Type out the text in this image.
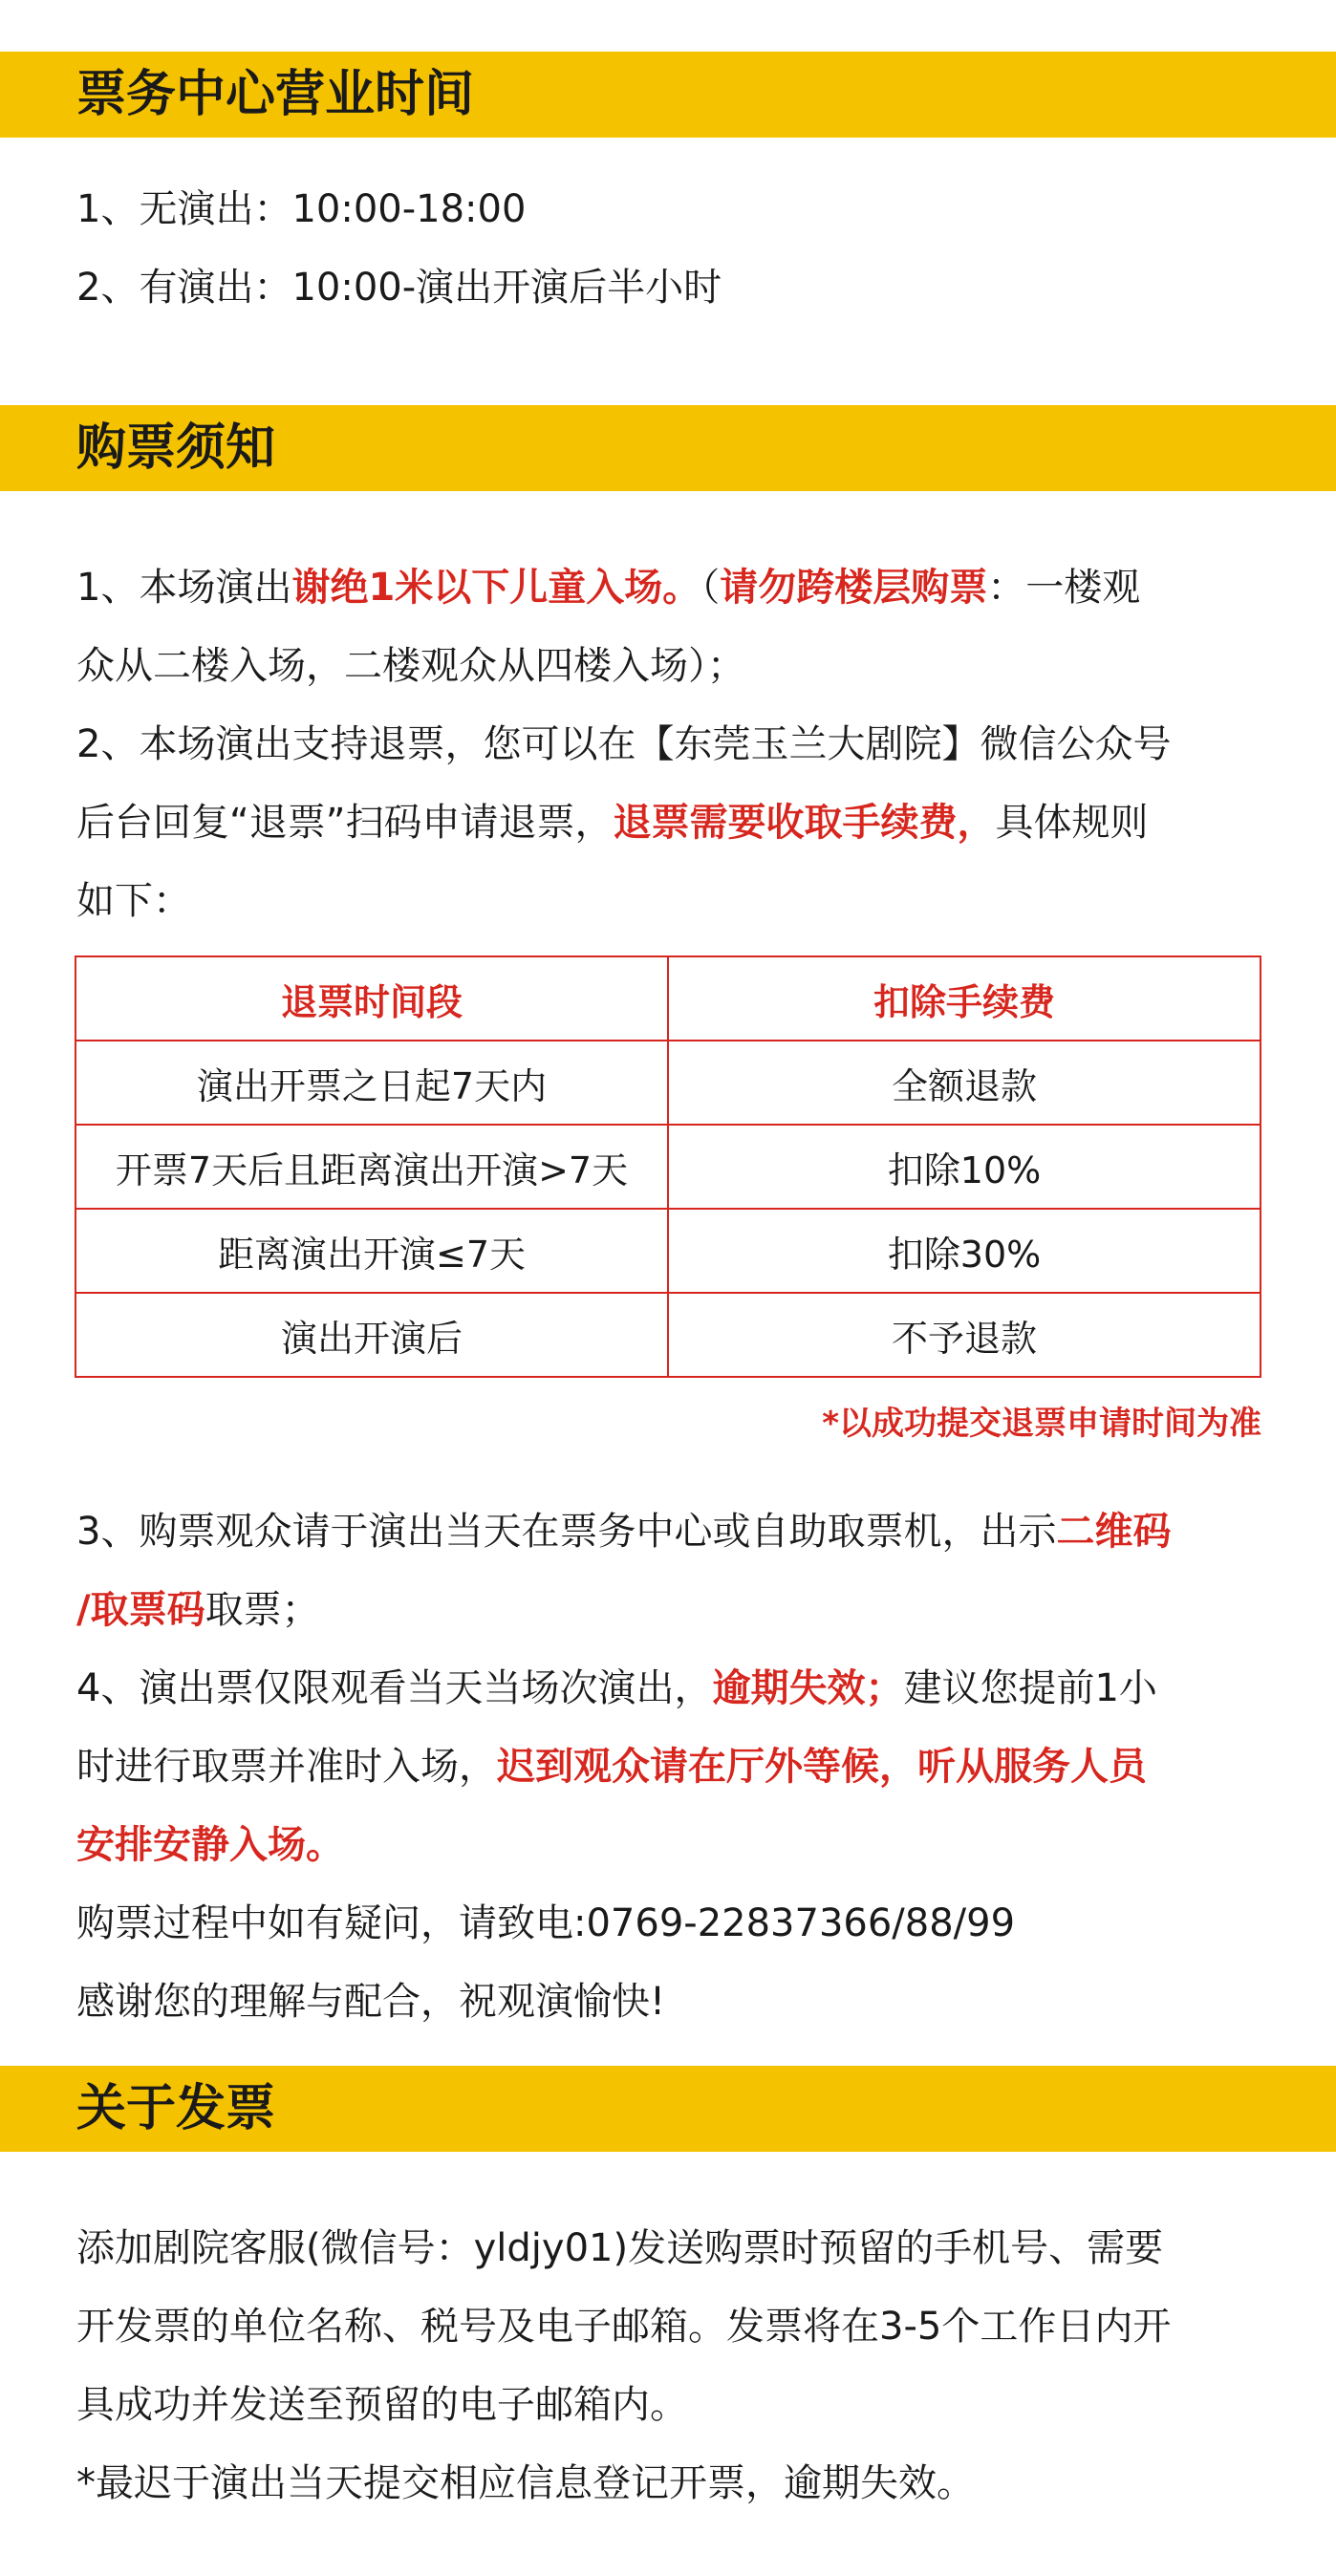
票务中心营业时间
1、无演出：10:00-18:00
2、有演出：10:00-演出开演后半小时
购票须知
1、本场演出谢绝1米以下儿童入场。（请勿跨楼层购票：一楼观
众从二楼入场，二楼观众从四楼入场）；
2、本场演出支持退票，您可以在【东莞玉兰大剧院】微信公众号
后台回复“退票”扫码申请退票，退票需要收取手续费，具体规则
如下：
退票时间段	扣除手续费
演出开票之日起7天内	全额退款
开票7天后且距离演出开演>7天	扣除10%
距离演出开演≤7天	扣除30%
演出开演后	不予退款
*以成功提交退票申请时间为准
3、购票观众请于演出当天在票务中心或自助取票机，出示二维码
/取票码取票；
4、演出票仅限观看当天当场次演出，逾期失效；建议您提前1小
时进行取票并准时入场，迟到观众请在厅外等候，听从服务人员
安排安静入场。
购票过程中如有疑问，请致电:0769-22837366/88/99
感谢您的理解与配合，祝观演愉快!
关于发票
添加剧院客服(微信号：yldjy01)发送购票时预留的手机号、需要
开发票的单位名称、税号及电子邮箱。发票将在3-5个工作日内开
具成功并发送至预留的电子邮箱内。
*最迟于演出当天提交相应信息登记开票，逾期失效。
